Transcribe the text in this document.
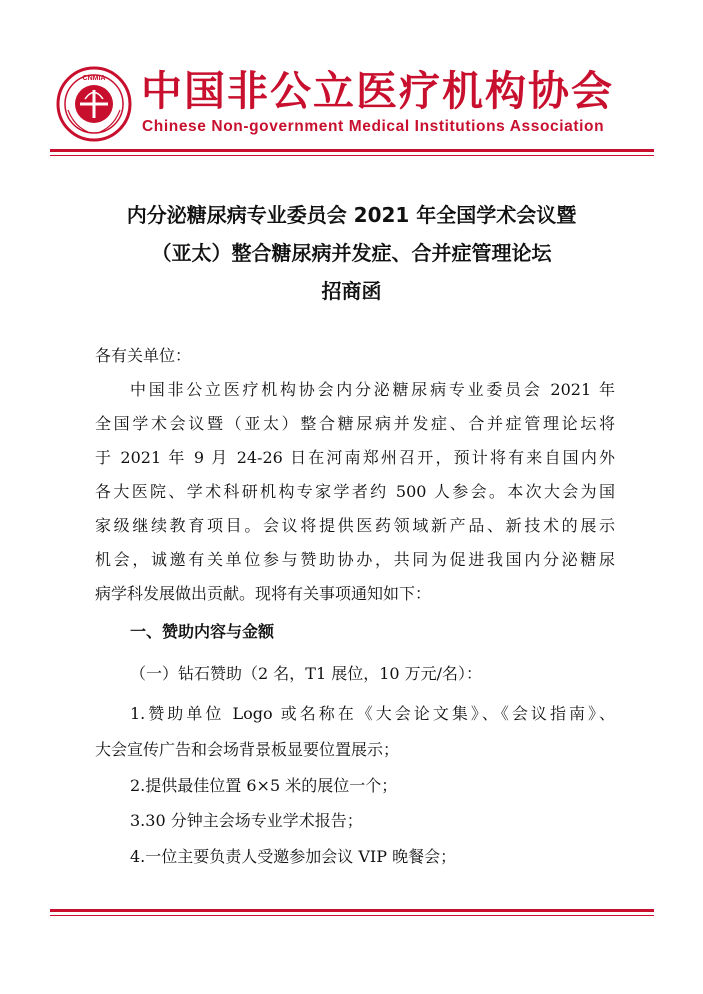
CNMIA 中国非公立医疗机构协会
Chinese Non-government Medical Institutions Association
内分泌糖尿病专业委员会 2021 年全国学术会议暨
（亚太）整合糖尿病并发症、合并症管理论坛
招商函
各有关单位：
中国非公立医疗机构协会内分泌糖尿病专业委员会 2021 年
全国学术会议暨（亚太）整合糖尿病并发症、合并症管理论坛将
于 2021 年 9 月 24-26 日在河南郑州召开，预计将有来自国内外
各大医院、学术科研机构专家学者约 500 人参会。本次大会为国
家级继续教育项目。会议将提供医药领域新产品、新技术的展示
机会，诚邀有关单位参与赞助协办，共同为促进我国内分泌糖尿
病学科发展做出贡献。现将有关事项通知如下：
一、赞助内容与金额
（一）钻石赞助（2 名，T1 展位，10 万元/名）：
1.赞助单位 Logo 或名称在《大会论文集》、《会议指南》、
大会宣传广告和会场背景板显要位置展示；
2.提供最佳位置 6×5 米的展位一个；
3.30 分钟主会场专业学术报告；
4.一位主要负责人受邀参加会议 VIP 晚餐会；
